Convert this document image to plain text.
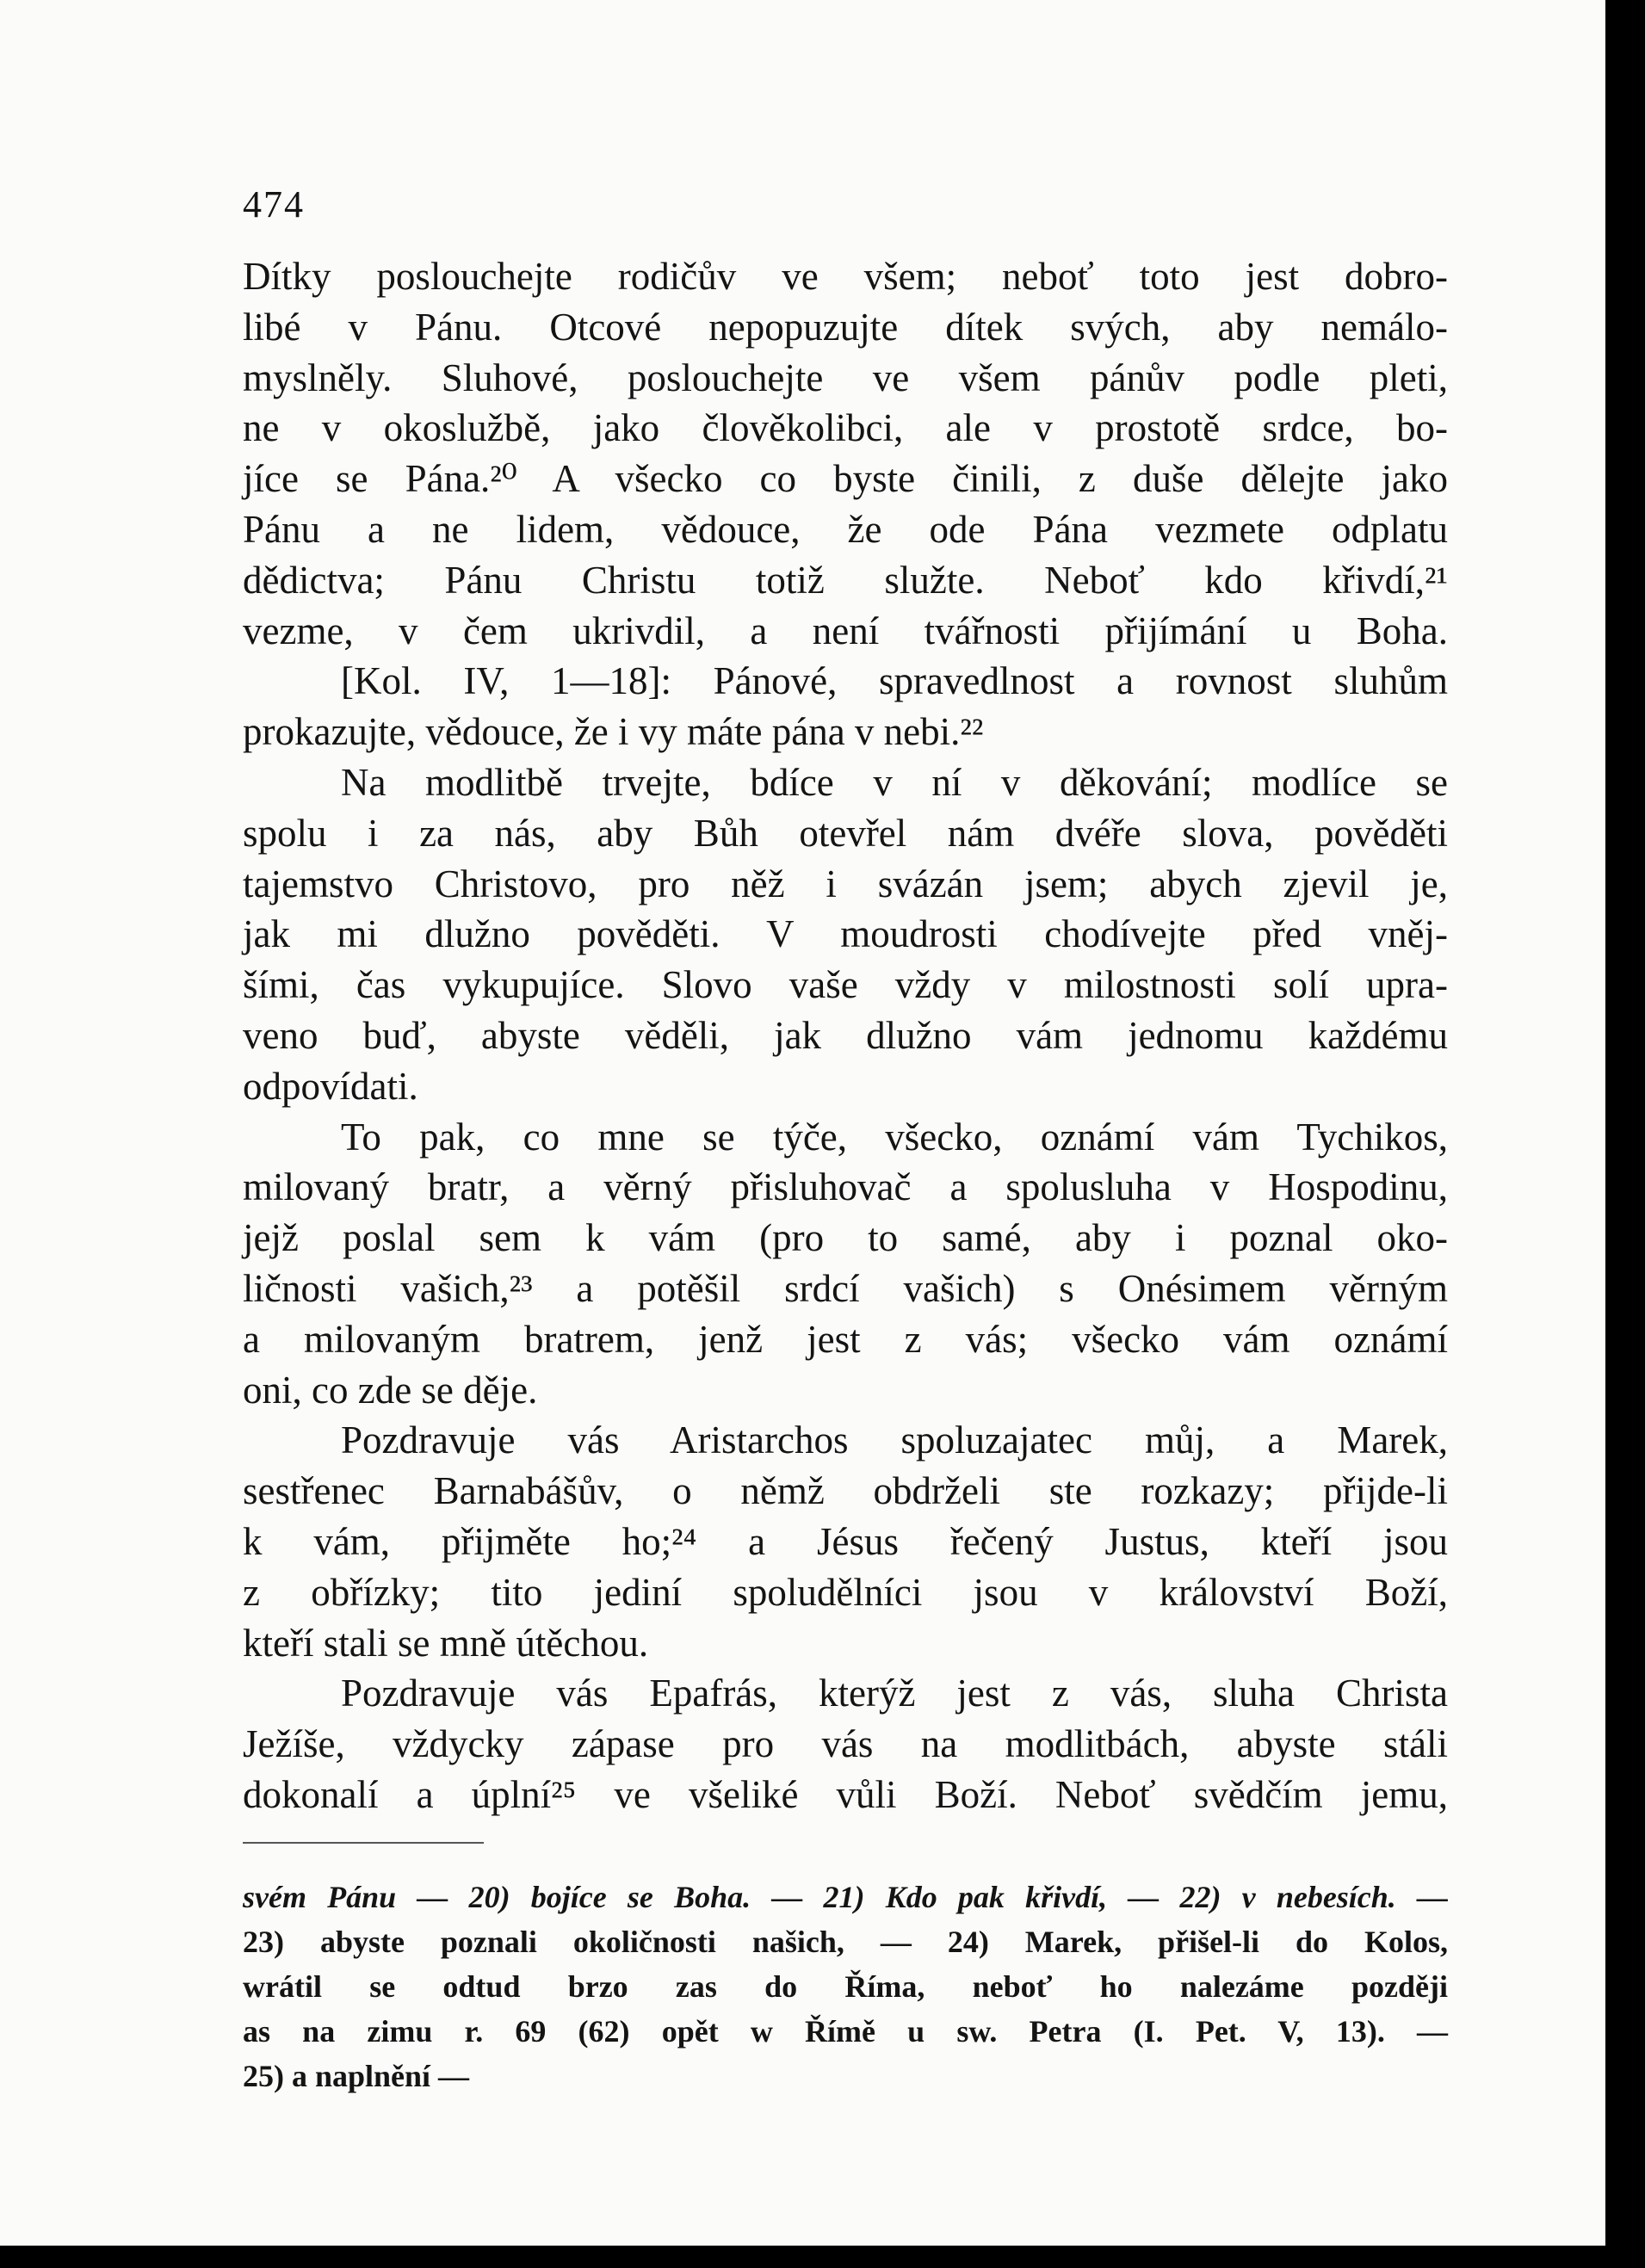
474
Dítky poslouchejte rodičův ve všem; neboť toto jest dobro-
libé v Pánu. Otcové nepopuzujte dítek svých, aby nemálo-
myslněly. Sluhové, poslouchejte ve všem pánův podle pleti,
ne v okoslužbě, jako člověkolibci, ale v prostotě srdce, bo-
jíce se Pána.²⁰ A všecko co byste činili, z duše dělejte jako
Pánu a ne lidem, vědouce, že ode Pána vezmete odplatu
dědictva; Pánu Christu totiž služte. Neboť kdo křivdí,²¹
vezme, v čem ukrivdil, a není tvářnosti přijímání u Boha.
[Kol. IV, 1—18]: Pánové, spravedlnost a rovnost sluhům
prokazujte, vědouce, že i vy máte pána v nebi.²²
Na modlitbě trvejte, bdíce v ní v děkování; modlíce se
spolu i za nás, aby Bůh otevřel nám dvéře slova, pověděti
tajemstvo Christovo, pro něž i svázán jsem; abych zjevil je,
jak mi dlužno pověděti. V moudrosti chodívejte před vněj-
šími, čas vykupujíce. Slovo vaše vždy v milostnosti solí upra-
veno buď, abyste věděli, jak dlužno vám jednomu každému
odpovídati.
To pak, co mne se týče, všecko, oznámí vám Tychikos,
milovaný bratr, a věrný přisluhovač a spolusluha v Hospodinu,
jejž poslal sem k vám (pro to samé, aby i poznal oko-
ličnosti vašich,²³ a potěšil srdcí vašich) s Onésimem věrným
a milovaným bratrem, jenž jest z vás; všecko vám oznámí
oni, co zde se děje.
Pozdravuje vás Aristarchos spoluzajatec můj, a Marek,
sestřenec Barnabášův, o němž obdrželi ste rozkazy; přijde-li
k vám, přijměte ho;²⁴ a Jésus řečený Justus, kteří jsou
z obřízky; tito jediní spoludělníci jsou v království Boží,
kteří stali se mně útěchou.
Pozdravuje vás Epafrás, kterýž jest z vás, sluha Christa
Ježíše, vždycky zápase pro vás na modlitbách, abyste stáli
dokonalí a úplní²⁵ ve všeliké vůli Boží. Neboť svědčím jemu,
svém Pánu — 20) bojíce se Boha. — 21) Kdo pak křivdí, — 22) v nebesích. —
23) abyste poznali okoličnosti našich, — 24) Marek, přišel-li do Kolos,
wrátil se odtud brzo zas do Říma, neboť ho nalezáme později
as na zimu r. 69 (62) opět w Římě u sw. Petra (I. Pet. V, 13). —
25) a naplnění —
